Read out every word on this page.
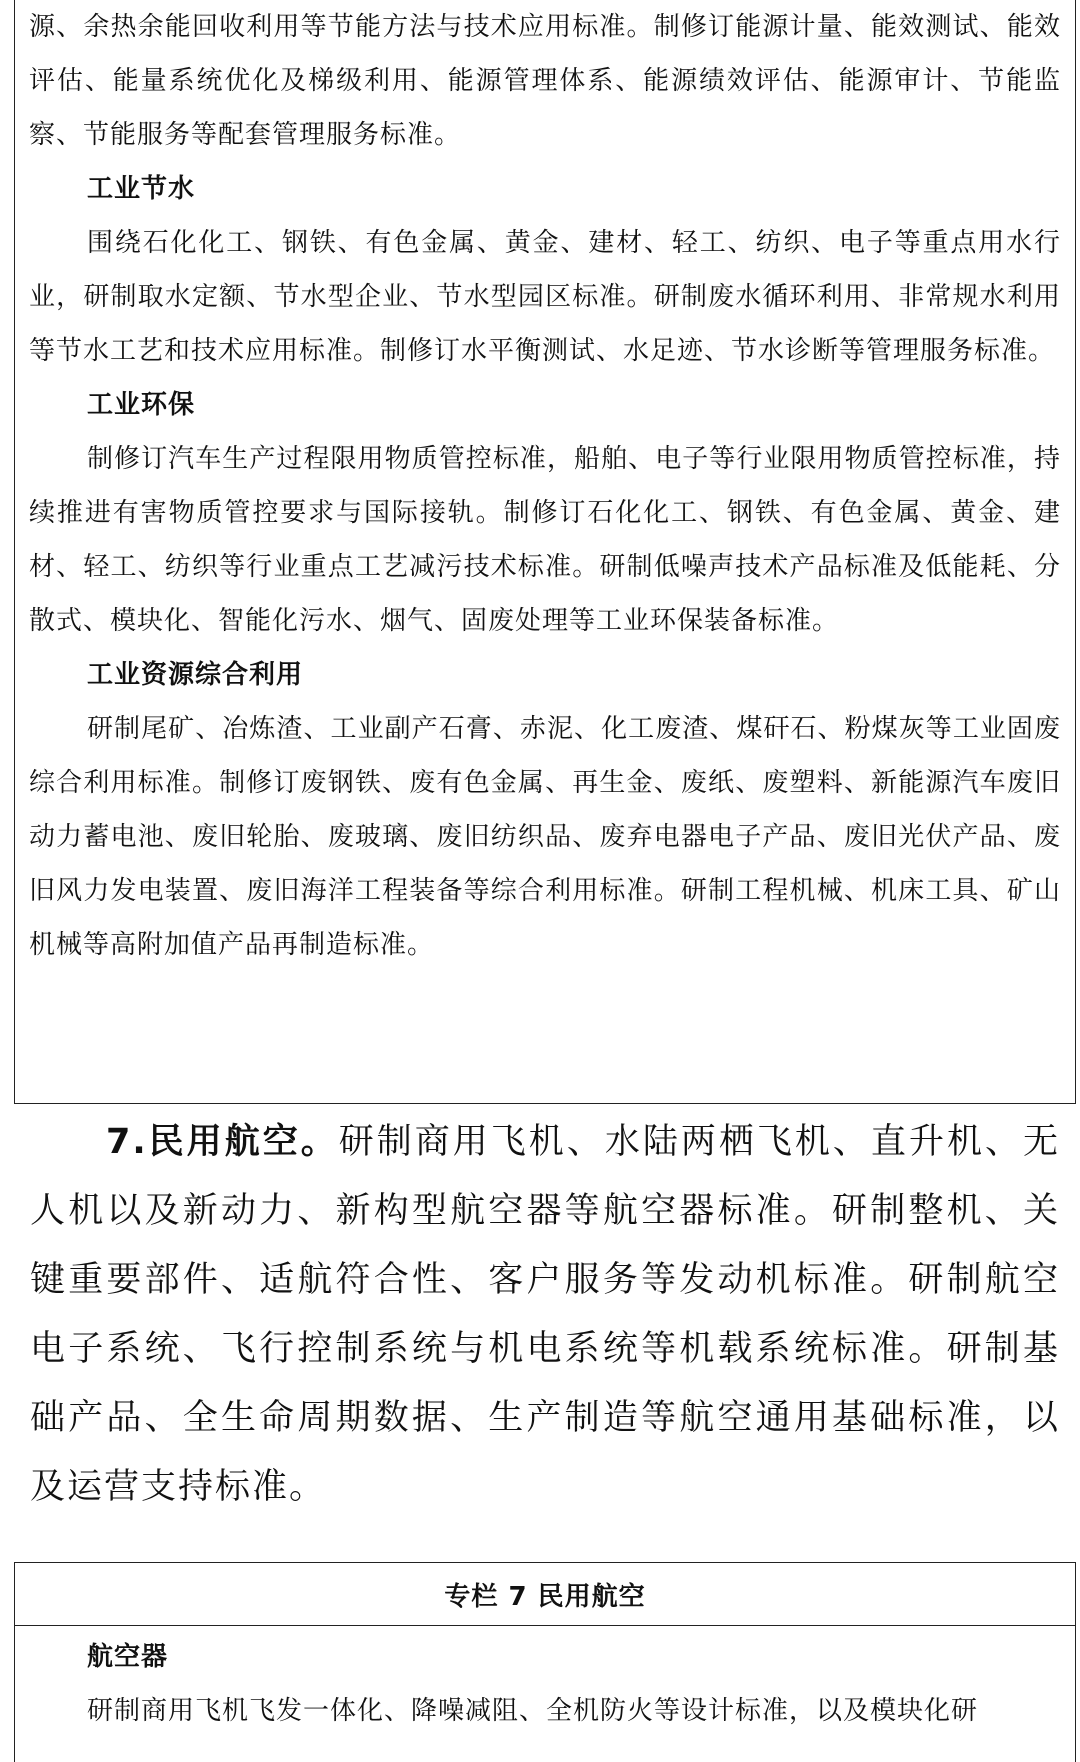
源、余热余能回收利用等节能方法与技术应用标准。制修订能源计量、能效测试、能效评估、能量系统优化及梯级利用、能源管理体系、能源绩效评估、能源审计、节能监察、节能服务等配套管理服务标准。

工业节水

围绕石化化工、钢铁、有色金属、黄金、建材、轻工、纺织、电子等重点用水行业，研制取水定额、节水型企业、节水型园区标准。研制废水循环利用、非常规水利用等节水工艺和技术应用标准。制修订水平衡测试、水足迹、节水诊断等管理服务标准。

工业环保

制修订汽车生产过程限用物质管控标准，船舶、电子等行业限用物质管控标准，持续推进有害物质管控要求与国际接轨。制修订石化化工、钢铁、有色金属、黄金、建材、轻工、纺织等行业重点工艺减污技术标准。研制低噪声技术产品标准及低能耗、分散式、模块化、智能化污水、烟气、固废处理等工业环保装备标准。

工业资源综合利用

研制尾矿、冶炼渣、工业副产石膏、赤泥、化工废渣、煤矸石、粉煤灰等工业固废综合利用标准。制修订废钢铁、废有色金属、再生金、废纸、废塑料、新能源汽车废旧动力蓄电池、废旧轮胎、废玻璃、废旧纺织品、废弃电器电子产品、废旧光伏产品、废旧风力发电装置、废旧海洋工程装备等综合利用标准。研制工程机械、机床工具、矿山机械等高附加值产品再制造标准。

7.民用航空。研制商用飞机、水陆两栖飞机、直升机、无人机以及新动力、新构型航空器等航空器标准。研制整机、关键重要部件、适航符合性、客户服务等发动机标准。研制航空电子系统、飞行控制系统与机电系统等机载系统标准。研制基础产品、全生命周期数据、生产制造等航空通用基础标准，以及运营支持标准。

专栏 7 民用航空

航空器

研制商用飞机飞发一体化、降噪减阻、全机防火等设计标准，以及模块化研
